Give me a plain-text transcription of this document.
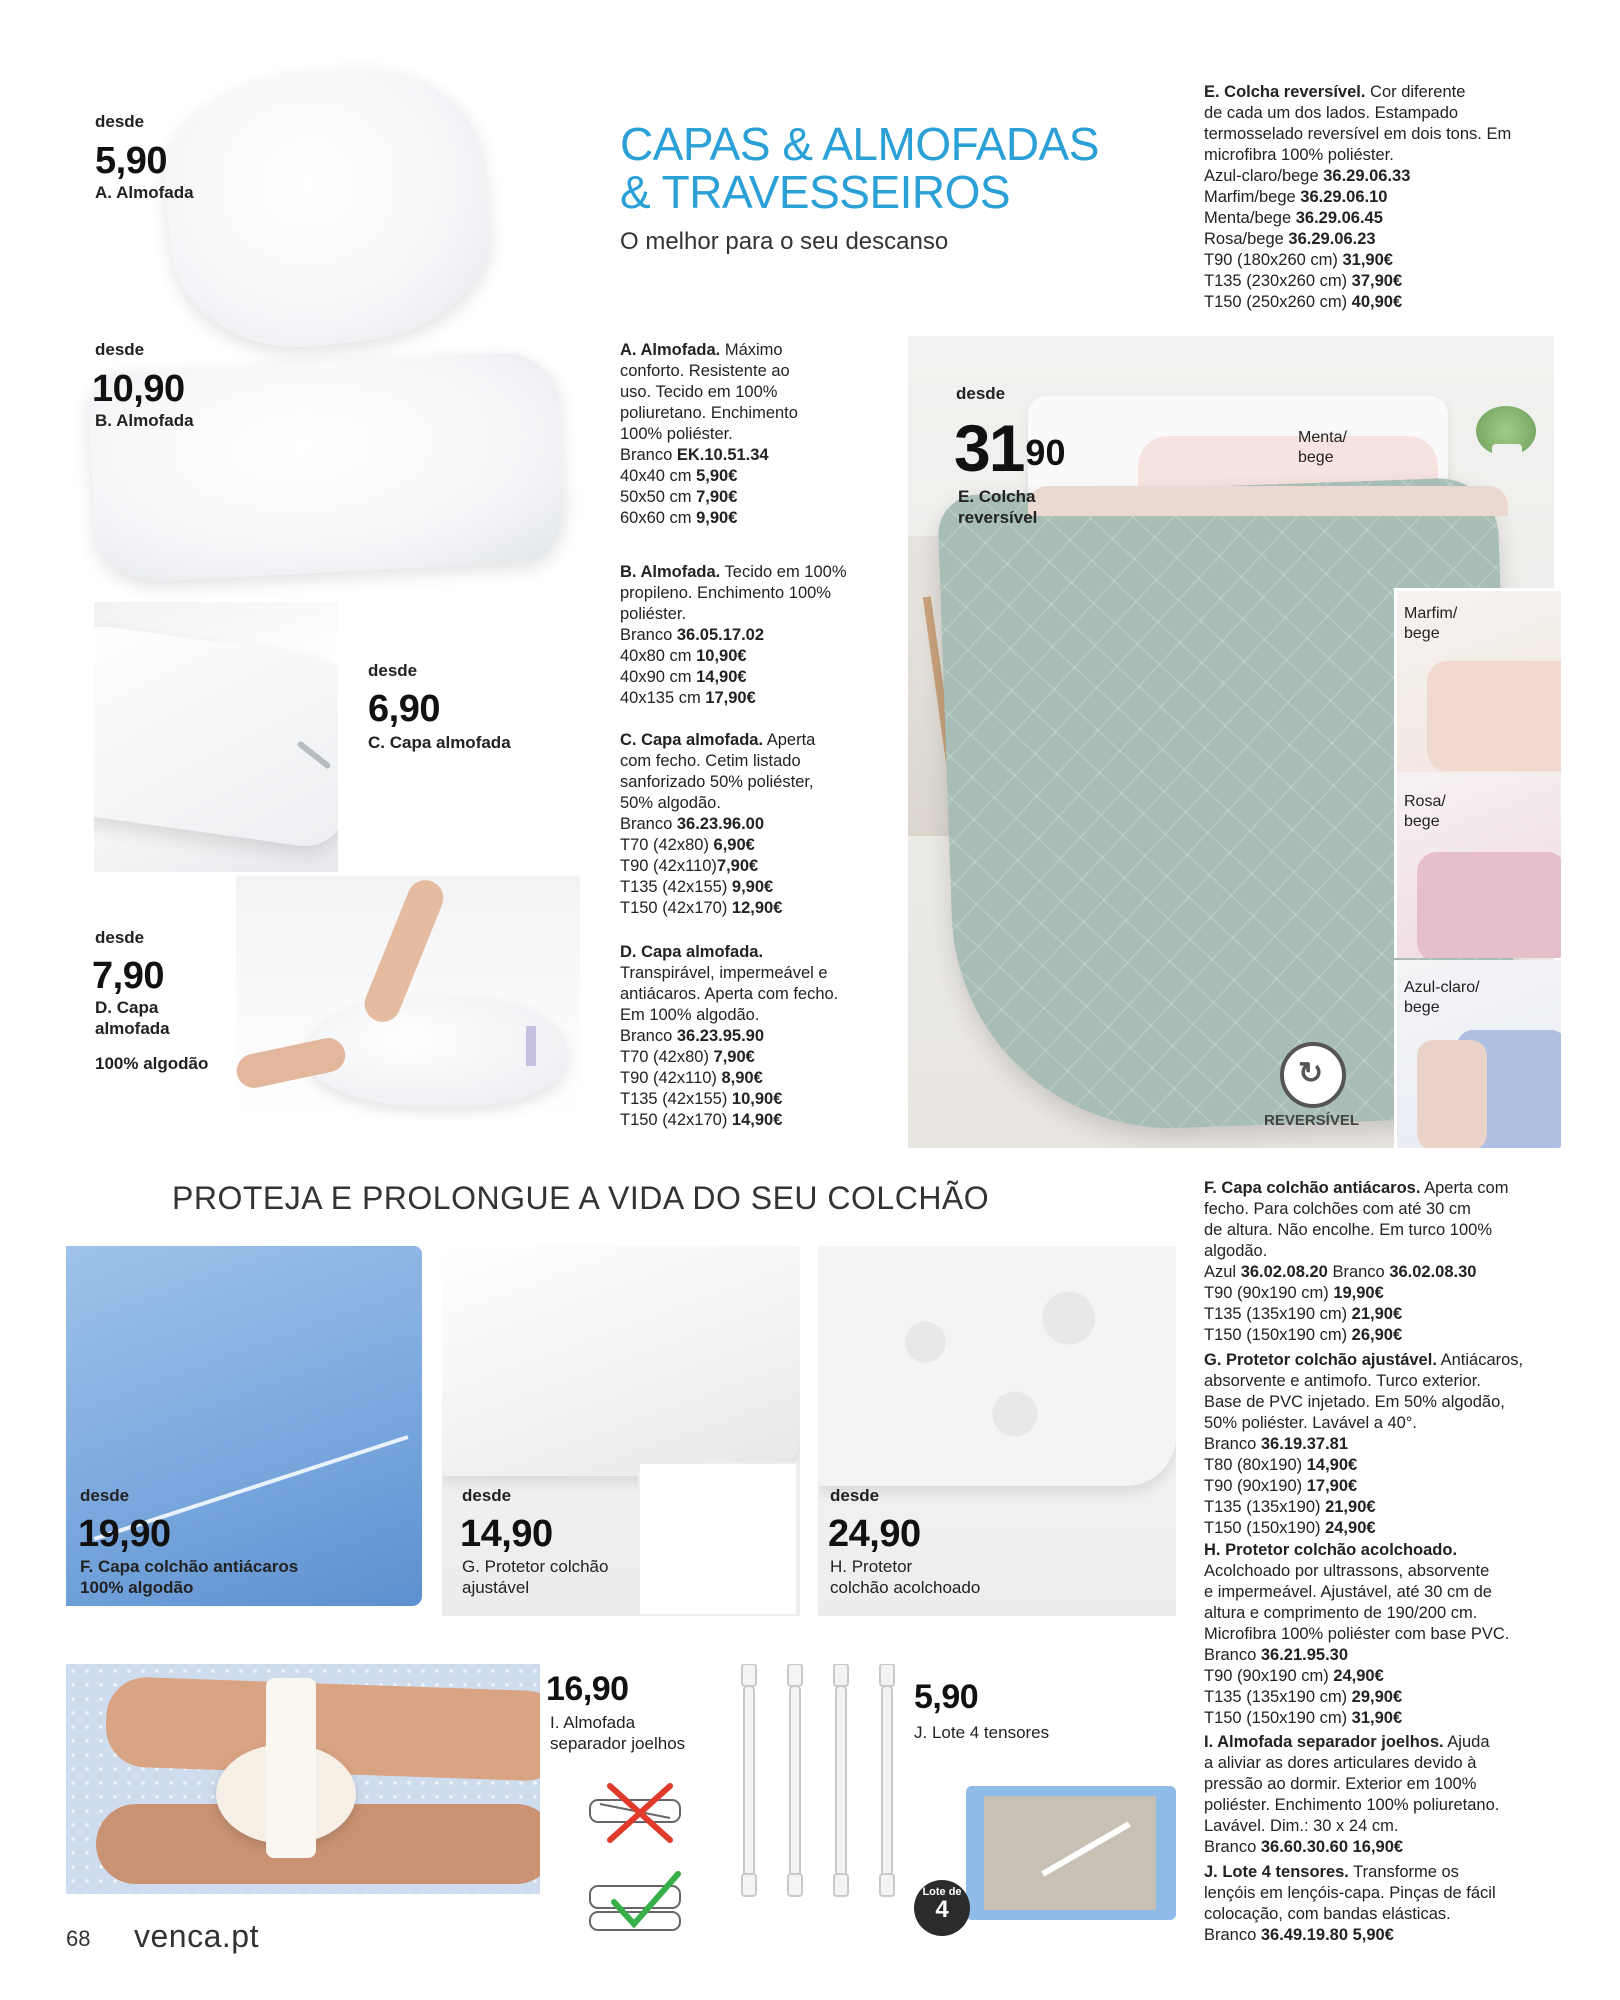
CAPAS & ALMOFADAS
& TRAVESSEIROS
O melhor para o seu descanso
desde
5,90
A. Almofada
desde
10,90
B. Almofada
desde
6,90
C. Capa almofada
desde
7,90
D. Capa
almofada
100% algodão
A. Almofada. Máximo
conforto. Resistente ao
uso. Tecido em 100%
poliuretano. Enchimento
100% poliéster.
Branco EK.10.51.34
40x40 cm 5,90€
50x50 cm 7,90€
60x60 cm 9,90€
B. Almofada. Tecido em 100%
propileno. Enchimento 100%
poliéster.
Branco 36.05.17.02
40x80 cm 10,90€
40x90 cm 14,90€
40x135 cm 17,90€
C. Capa almofada. Aperta
com fecho. Cetim listado
sanforizado 50% poliéster,
50% algodão.
Branco 36.23.96.00
T70 (42x80) 6,90€
T90 (42x110)7,90€
T135 (42x155) 9,90€
T150 (42x170) 12,90€
D. Capa almofada.
Transpirável, impermeável e
antiácaros. Aperta com fecho.
Em 100% algodão.
Branco 36.23.95.90
T70 (42x80) 7,90€
T90 (42x110) 8,90€
T135 (42x155) 10,90€
T150 (42x170) 14,90€
E. Colcha reversível. Cor diferente
de cada um dos lados. Estampado
termosselado reversível em dois tons. Em
microfibra 100% poliéster.
Azul-claro/bege 36.29.06.33
Marfim/bege 36.29.06.10
Menta/bege 36.29.06.45
Rosa/bege 36.29.06.23
T90 (180x260 cm) 31,90€
T135 (230x260 cm) 37,90€
T150 (250x260 cm) 40,90€
↻
REVERSÍVEL
desde
3190
E. Colcha
reversível
Menta/
bege
Marfim/
bege
Rosa/
bege
Azul-claro/
bege
PROTEJA E PROLONGUE A VIDA DO SEU COLCHÃO
desde
19,90
F. Capa colchão antiácaros
100% algodão
desde
14,90
G. Protetor colchão
ajustável
desde
24,90
H. Protetor
colchão acolchoado
16,90
I. Almofada
separador joelhos
5,90
J. Lote 4 tensores
Lote de
4
F. Capa colchão antiácaros. Aperta com
fecho. Para colchões com até 30 cm
de altura. Não encolhe. Em turco 100%
algodão.
Azul 36.02.08.20 Branco 36.02.08.30
T90 (90x190 cm) 19,90€
T135 (135x190 cm) 21,90€
T150 (150x190 cm) 26,90€
G. Protetor colchão ajustável. Antiácaros,
absorvente e antimofo. Turco exterior.
Base de PVC injetado. Em 50% algodão,
50% poliéster. Lavável a 40°.
Branco 36.19.37.81
T80 (80x190) 14,90€
T90 (90x190) 17,90€
T135 (135x190) 21,90€
T150 (150x190) 24,90€
H. Protetor colchão acolchoado.
Acolchoado por ultrassons, absorvente
e impermeável. Ajustável, até 30 cm de
altura e comprimento de 190/200 cm.
Microfibra 100% poliéster com base PVC.
Branco 36.21.95.30
T90 (90x190 cm) 24,90€
T135 (135x190 cm) 29,90€
T150 (150x190 cm) 31,90€
I. Almofada separador joelhos. Ajuda
a aliviar as dores articulares devido à
pressão ao dormir. Exterior em 100%
poliéster. Enchimento 100% poliuretano.
Lavável. Dim.: 30 x 24 cm.
Branco 36.60.30.60 16,90€
J. Lote 4 tensores. Transforme os
lençóis em lençóis-capa. Pinças de fácil
colocação, com bandas elásticas.
Branco 36.49.19.80 5,90€
68 venca.pt
